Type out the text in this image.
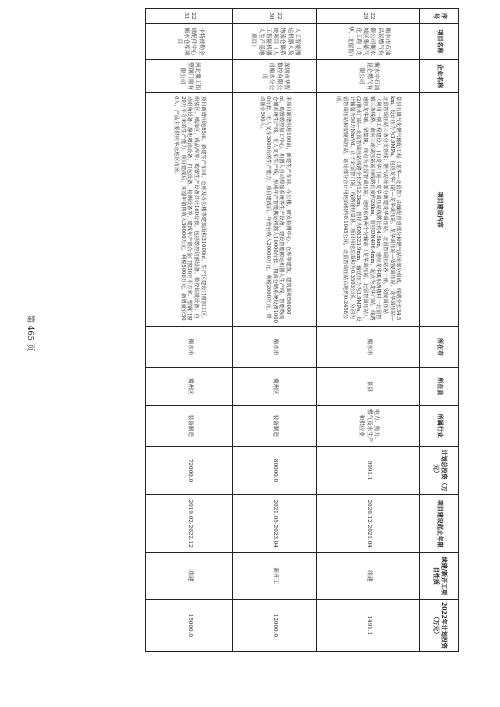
序号	项目名称	企业名称	项目建设内容	所在市	所在县	所属行业	计划总投资（万元）	项目建设起止年限	续建/新开工项目性质	2022年计划投资（万元）
2229	衡水市石油昌民燃气有限公司衡水城区集能气化工程（龙华、北留智）	衡水中石油昆仑燃气有限公司	景县五镇气化燃气输配工程（龙华—北留智）由输配管道部分和燃气站场部分组成，线路全长34.5km，设计压力为3.9MPa，包括龙华门站—龙华调压站、龙华调压站—安陵调压站、龙华调压站—北留智调压站三条分支管线；燃气站场部分新建龙华调压站、北留智调压站各一座，安陵调压站（利用一期工程建设）。(1)龙华门站—龙华调压站线路长约4.5km，途经龙华镇东西楼村一北留智镇三条线路。南向三座调压站站间线路长度约28km，管径DN406.4mm，起点为龙华门站，线路途经龙华镇、梁集镇，终点为北留智调压站，途经东西两个分输站（龙华调压站、北留智调压站）。(2)衡水门站—北留智调压站线路全长约12.2km，管径为DN323.9mm，输送压力为3.9MPa，设计输量为50万Nm³/d，止于北留智门站，线路途经景县。项目用地总面积为0.3503公顷，分别为留智调压站和安陵调压站，站场部分合计用地面积约0.1045公顷，北留智调压站占地约0.2458公顷。	衡水市	景县	电力、热力、燃气及水生产和供应业	9991.1	2020.12-2021.04	续建	1491.1
2230	人工智能搬运机器人及物流仓储系统项目（人工智能机器人生产基地项目）	深圳市华智数控有限公司衡水分公司	本项目新增用地100亩，新建生产车间、办公楼、研发检测中心、仓库等建筑，建筑面积56000㎡，购置数控加工中心、机器人自动焊接系统等生产设备，建设智能搬运机器人生产线、智能物流仓储系统生产线、无人叉车生产线，形成年产智能搬运机器人10000台套、物流仓储系统设备10000台套、无人叉车3000台的生产能力。项目建成后，年营业收入20000万元，利税2000万元，带动就业500人。	衡水市	冀州区	装备制造	80000.0	2021.05-2023.04	新开工	12000.0
2231	卡特彼勒全球配件中心衡水仓库项目	河北冀工铝塑钢门窗有限公司	项目新增用地85亩，新建生产车间、仓库及办公楼等建筑面积31000㎡，生产区建设门窗加工区、组装区、喷涂区、成品库等；购置生产设备共计160台套，包括数控切割设备、数控钻铣设备、自动组角设备、静电喷涂设备、打包设备、检测设备等，建成年产铝合金门窗30万平方米、塑钢门窗20万平方米的生产能力。项目建成后，实现年销售收入36000万元，利税5000万元，新增就业300人，产品主要供应华北地区市场。	衡水市	冀州区	装备制造	72000.0	2019.02-2022.12	续建	15000.0
第 465 页
